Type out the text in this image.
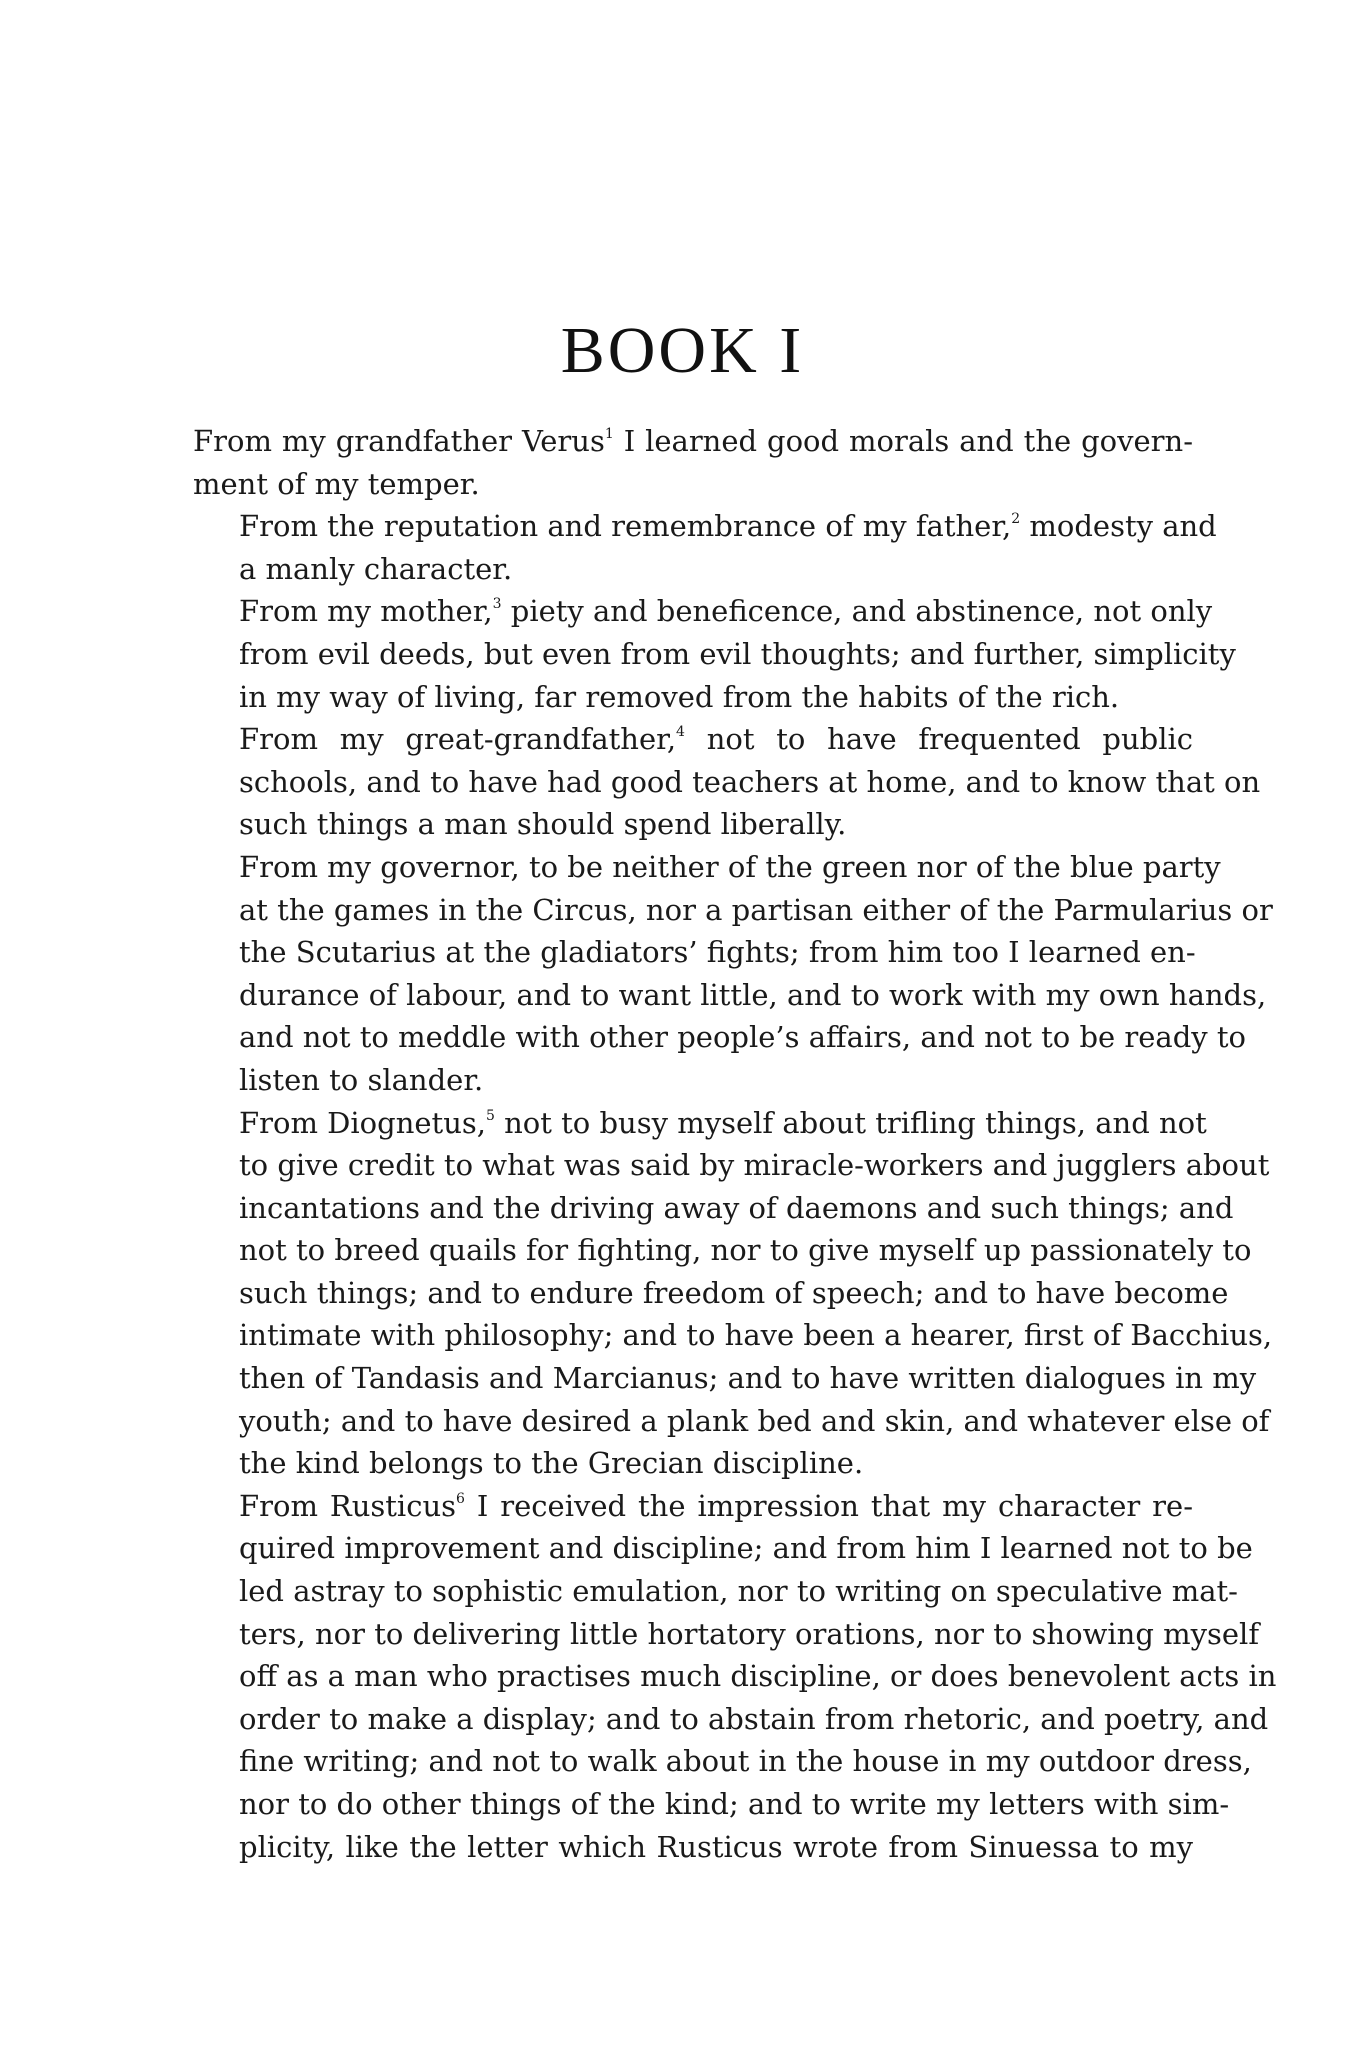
BOOK I

From my grandfather Verus$^1$ I learned good morals and the govern-
ment of my temper.

From the reputation and remembrance of my father,$^2$ modesty and
a manly character.

From my mother,$^3$ piety and beneficence, and abstinence, not only
from evil deeds, but even from evil thoughts; and further, simplicity
in my way of living, far removed from the habits of the rich.

From my great-grandfather,$^4$ not to have frequented public
schools, and to have had good teachers at home, and to know that on
such things a man should spend liberally.

From my governor, to be neither of the green nor of the blue party
at the games in the Circus, nor a partisan either of the Parmularius or
the Scutarius at the gladiators’ fights; from him too I learned en-
durance of labour, and to want little, and to work with my own hands,
and not to meddle with other people’s affairs, and not to be ready to
listen to slander.

From Diognetus,$^5$ not to busy myself about trifling things, and not
to give credit to what was said by miracle-workers and jugglers about
incantations and the driving away of daemons and such things; and
not to breed quails for fighting, nor to give myself up passionately to
such things; and to endure freedom of speech; and to have become
intimate with philosophy; and to have been a hearer, first of Bacchius,
then of Tandasis and Marcianus; and to have written dialogues in my
youth; and to have desired a plank bed and skin, and whatever else of
the kind belongs to the Grecian discipline.

From Rusticus$^6$ I received the impression that my character re-
quired improvement and discipline; and from him I learned not to be
led astray to sophistic emulation, nor to writing on speculative mat-
ters, nor to delivering little hortatory orations, nor to showing myself
off as a man who practises much discipline, or does benevolent acts in
order to make a display; and to abstain from rhetoric, and poetry, and
fine writing; and not to walk about in the house in my outdoor dress,
nor to do other things of the kind; and to write my letters with sim-
plicity, like the letter which Rusticus wrote from Sinuessa to my
